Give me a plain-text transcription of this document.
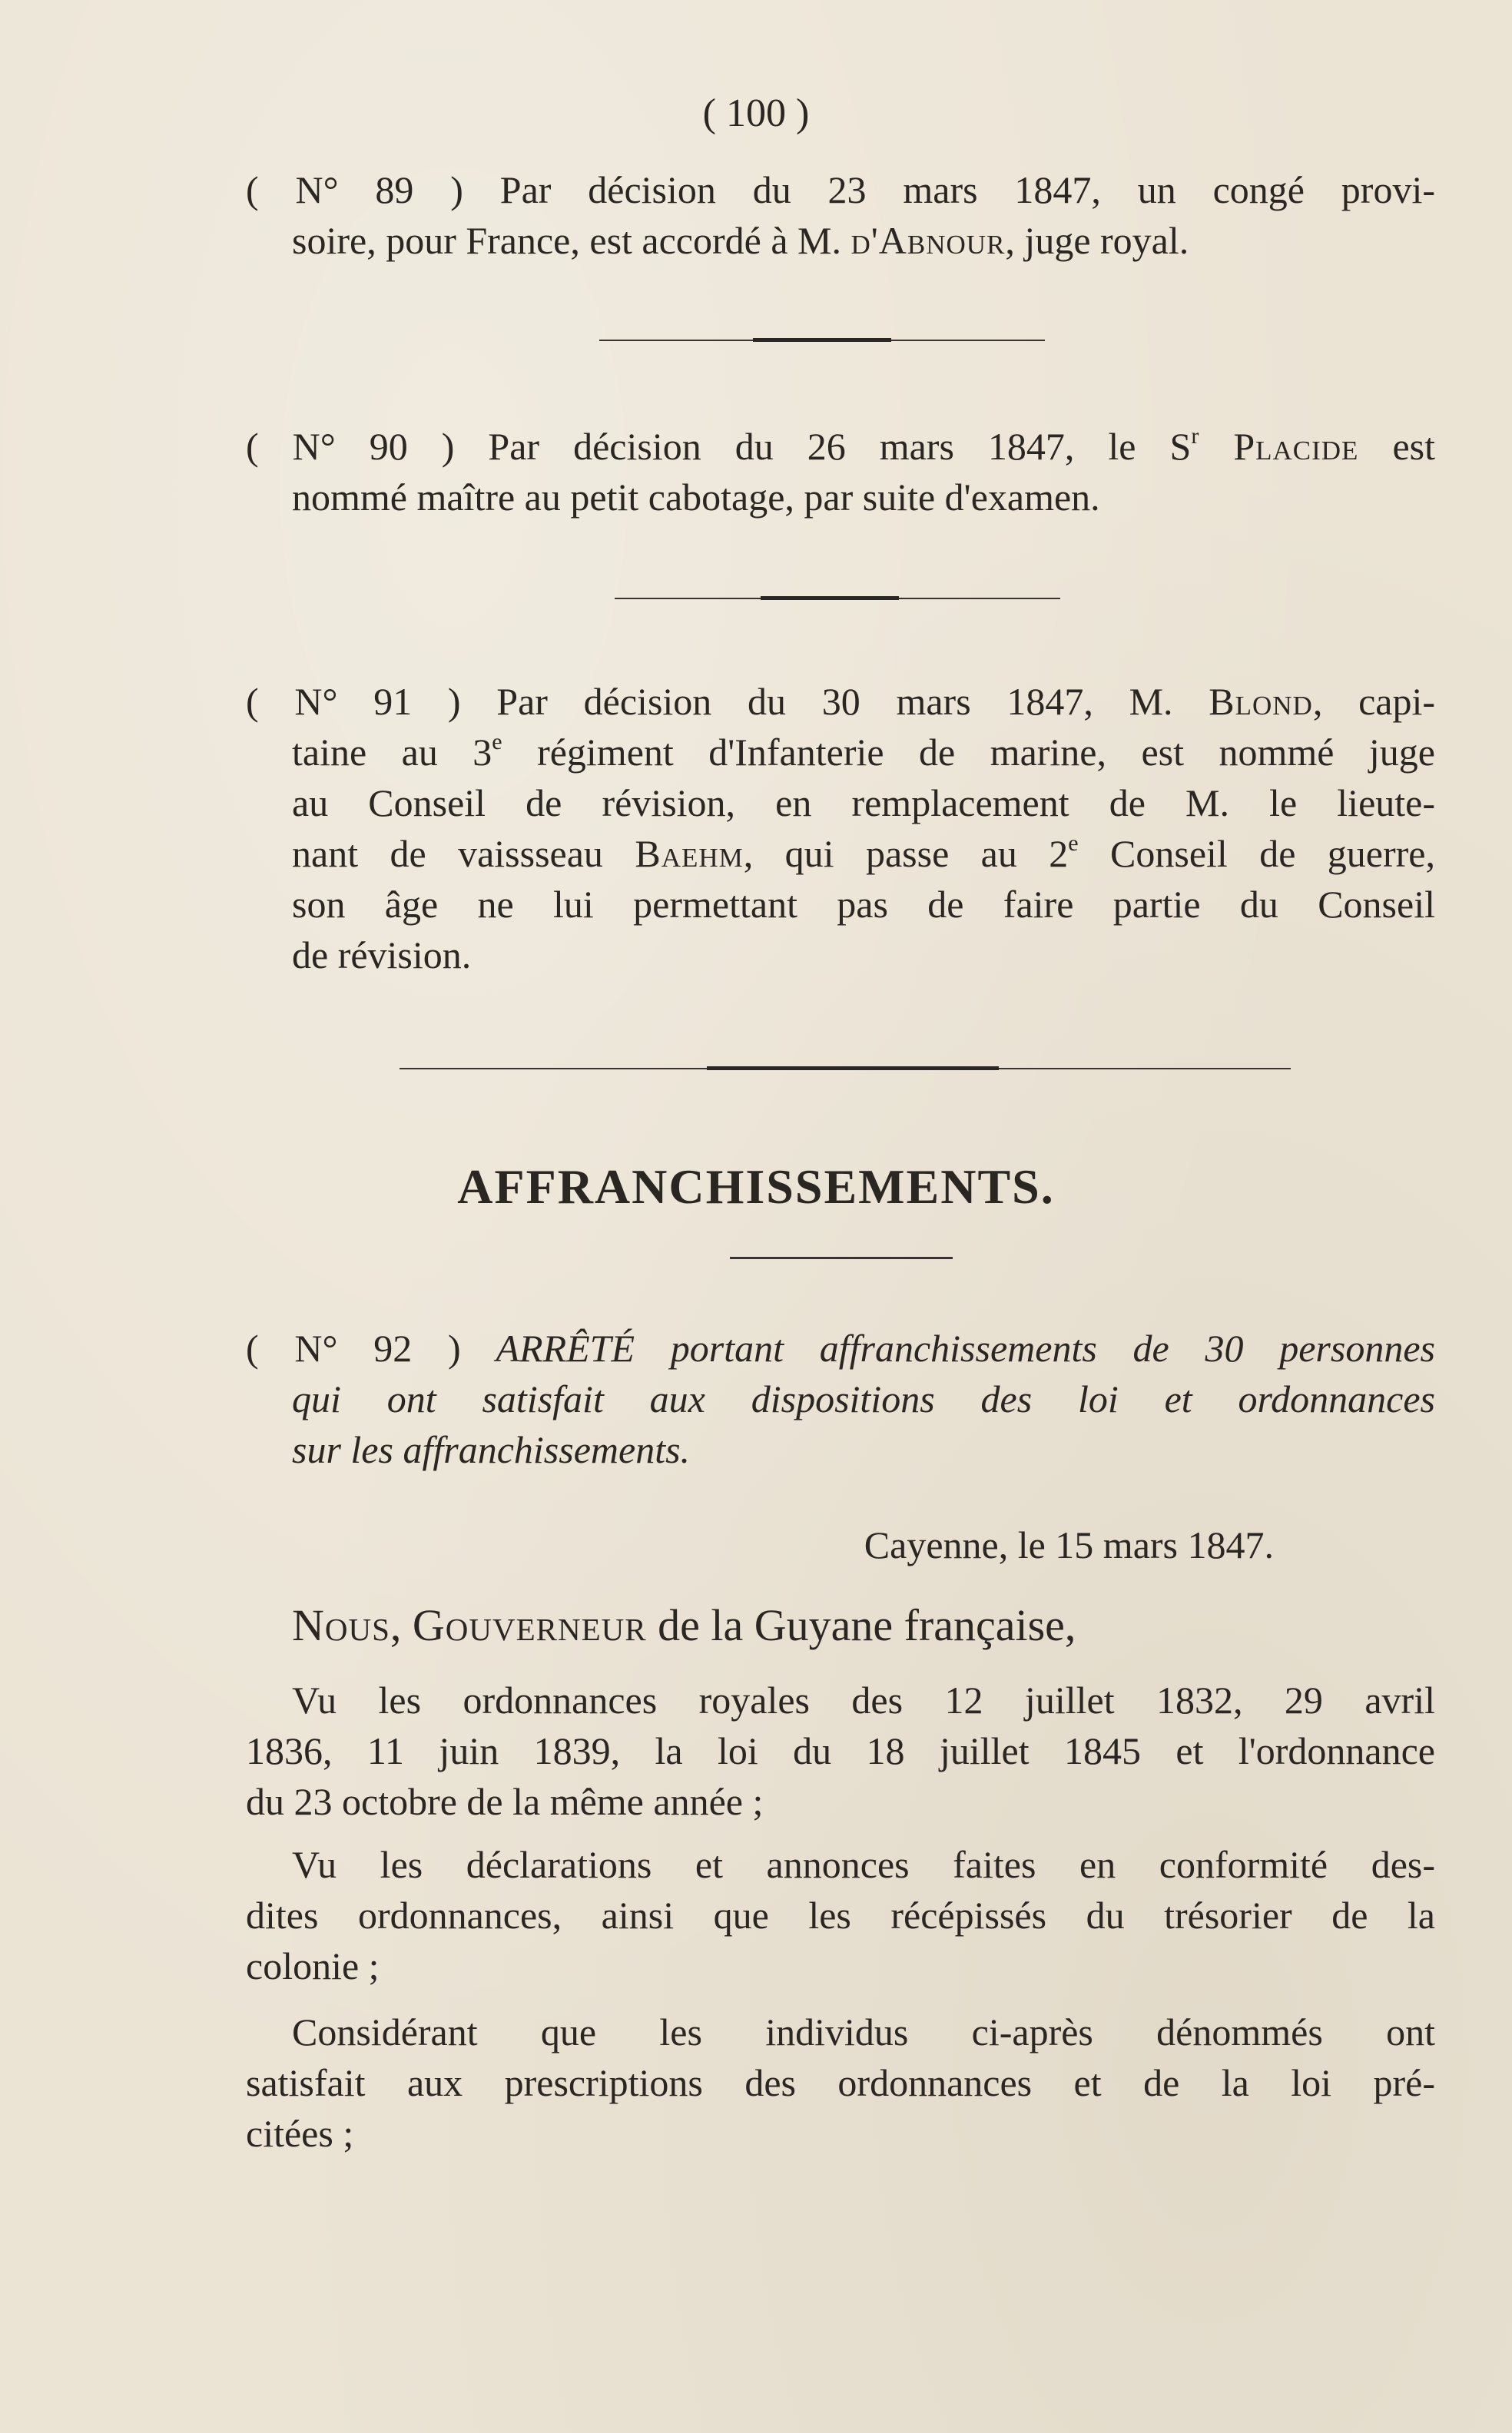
( 100 )
( N° 89 ) Par décision du 23 mars 1847, un congé provi-
soire, pour France, est accordé à M. d'Abnour, juge royal.
( N° 90 ) Par décision du 26 mars 1847, le $S^r$ Placide est
nommé maître au petit cabotage, par suite d'examen.
( N° 91 ) Par décision du 30 mars 1847, M. Blond, capi-
taine au 3e régiment d'Infanterie de marine, est nommé juge
au Conseil de révision, en remplacement de M. le lieute-
nant de vaissseau Baehm, qui passe au 2e Conseil de guerre,
son âge ne lui permettant pas de faire partie du Conseil
de révision.
AFFRANCHISSEMENTS.
( N° 92 ) ARRÊTÉ portant affranchissements de 30 personnes
qui ont satisfait aux dispositions des loi et ordonnances
sur les affranchissements.
Cayenne, le 15 mars 1847.
Nous, Gouverneur de la Guyane française,
Vu les ordonnances royales des 12 juillet 1832, 29 avril
1836, 11 juin 1839, la loi du 18 juillet 1845 et l'ordonnance
du 23 octobre de la même année ;
Vu les déclarations et annonces faites en conformité des-
dites ordonnances, ainsi que les récépissés du trésorier de la
colonie ;
Considérant que les individus ci-après dénommés ont
satisfait aux prescriptions des ordonnances et de la loi pré-
citées ;
